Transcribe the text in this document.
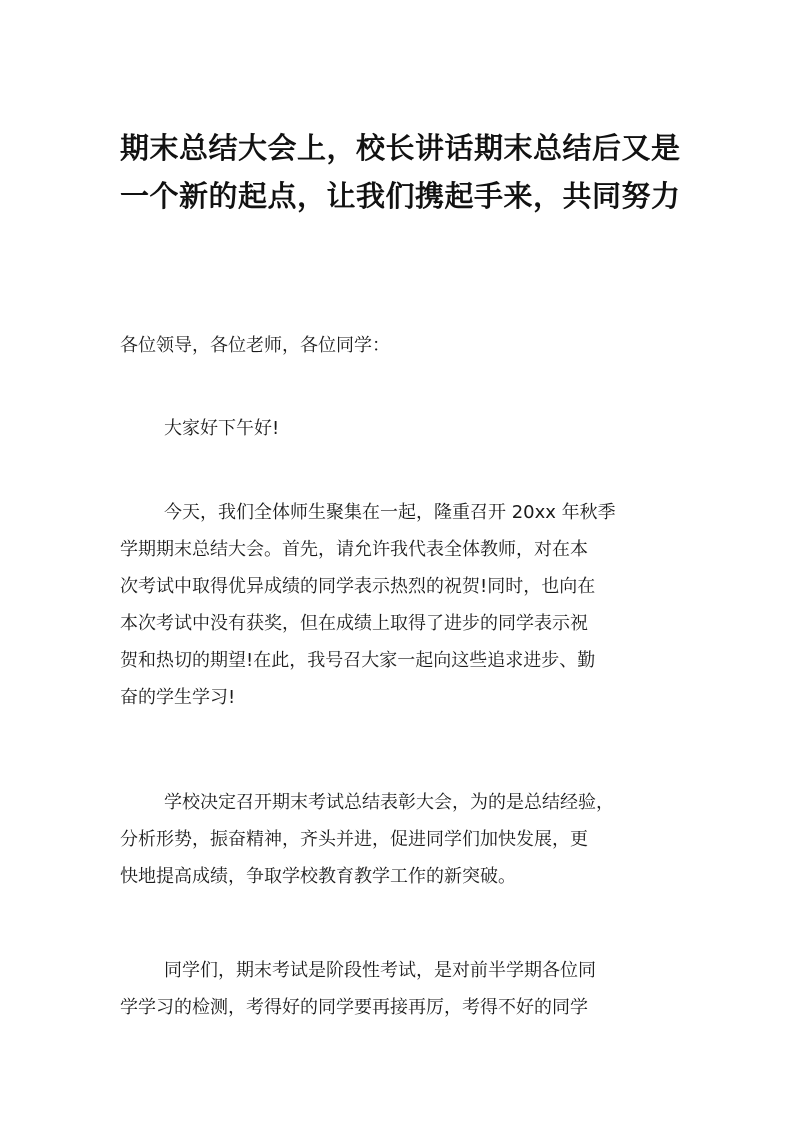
期末总结大会上，校长讲话期末总结后又是
一个新的起点，让我们携起手来，共同努力

各位领导，各位老师，各位同学：

大家好下午好!

今天，我们全体师生聚集在一起，隆重召开 20xx 年秋季
学期期末总结大会。首先，请允许我代表全体教师，对在本
次考试中取得优异成绩的同学表示热烈的祝贺!同时，也向在
本次考试中没有获奖，但在成绩上取得了进步的同学表示祝
贺和热切的期望!在此，我号召大家一起向这些追求进步、勤
奋的学生学习!

学校决定召开期末考试总结表彰大会，为的是总结经验，
分析形势，振奋精神，齐头并进，促进同学们加快发展，更
快地提高成绩，争取学校教育教学工作的新突破。

同学们，期末考试是阶段性考试，是对前半学期各位同
学学习的检测，考得好的同学要再接再厉，考得不好的同学
